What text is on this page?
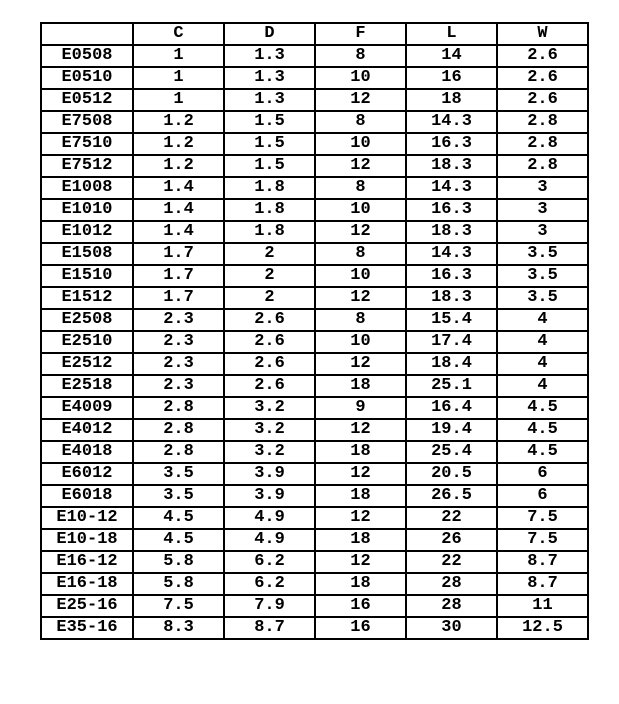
	C	D	F	L	W
E0508	1	1.3	8	14	2.6
E0510	1	1.3	10	16	2.6
E0512	1	1.3	12	18	2.6
E7508	1.2	1.5	8	14.3	2.8
E7510	1.2	1.5	10	16.3	2.8
E7512	1.2	1.5	12	18.3	2.8
E1008	1.4	1.8	8	14.3	3
E1010	1.4	1.8	10	16.3	3
E1012	1.4	1.8	12	18.3	3
E1508	1.7	2	8	14.3	3.5
E1510	1.7	2	10	16.3	3.5
E1512	1.7	2	12	18.3	3.5
E2508	2.3	2.6	8	15.4	4
E2510	2.3	2.6	10	17.4	4
E2512	2.3	2.6	12	18.4	4
E2518	2.3	2.6	18	25.1	4
E4009	2.8	3.2	9	16.4	4.5
E4012	2.8	3.2	12	19.4	4.5
E4018	2.8	3.2	18	25.4	4.5
E6012	3.5	3.9	12	20.5	6
E6018	3.5	3.9	18	26.5	6
E10-12	4.5	4.9	12	22	7.5
E10-18	4.5	4.9	18	26	7.5
E16-12	5.8	6.2	12	22	8.7
E16-18	5.8	6.2	18	28	8.7
E25-16	7.5	7.9	16	28	11
E35-16	8.3	8.7	16	30	12.5
